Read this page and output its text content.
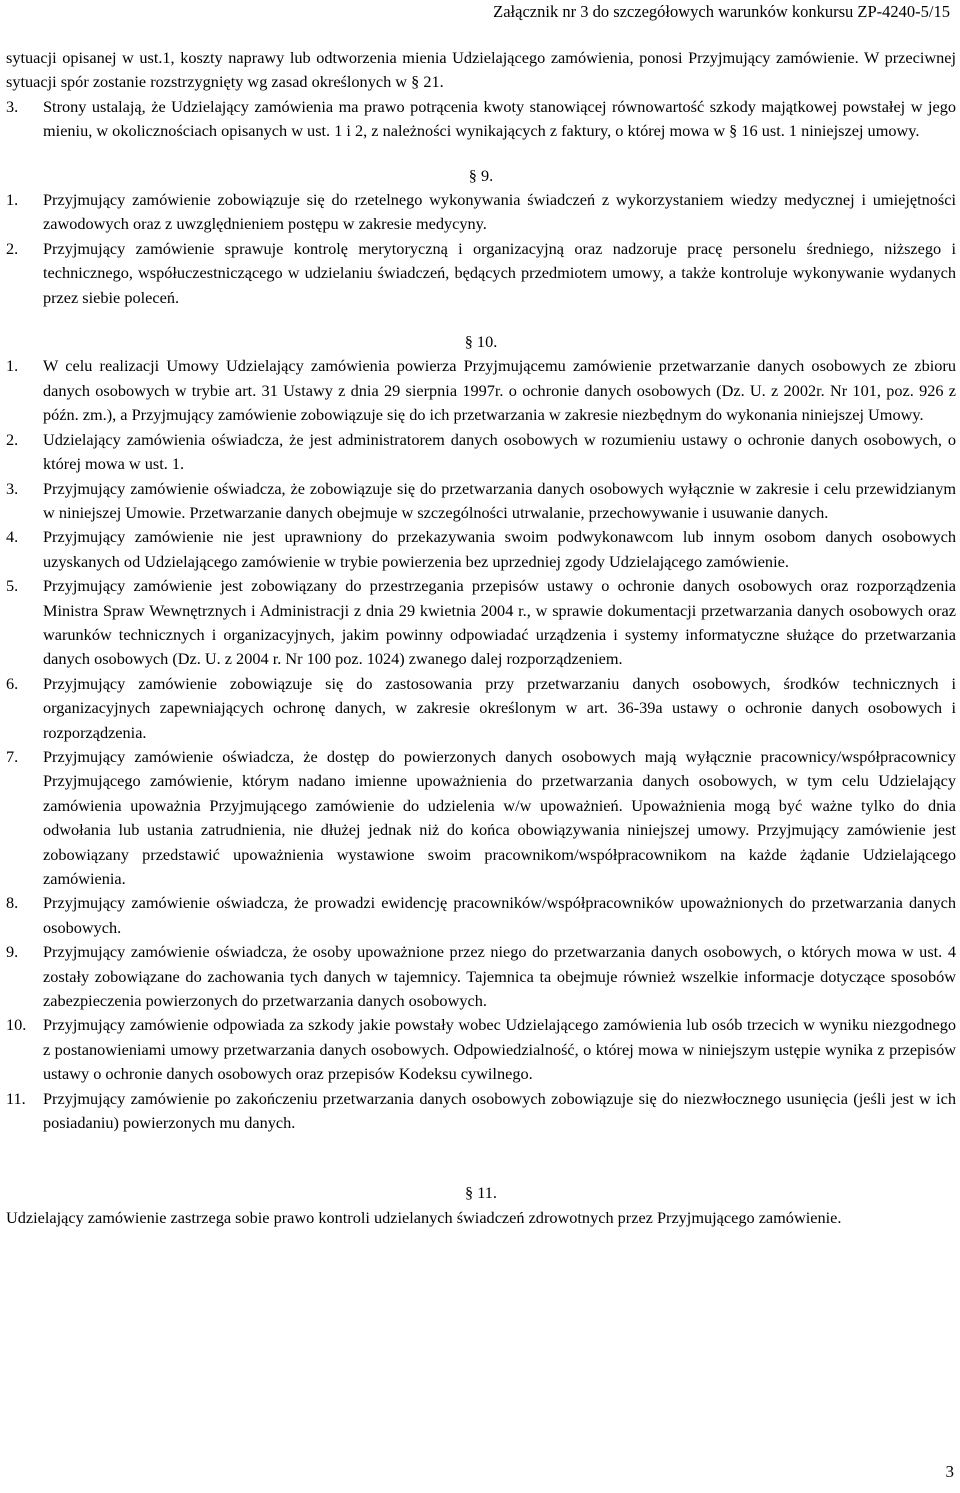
Załącznik nr 3 do szczegółowych warunków konkursu ZP-4240-5/15

sytuacji opisanej w ust.1, koszty naprawy lub odtworzenia mienia Udzielającego zamówienia, ponosi Przyjmujący zamówienie. W przeciwnej sytuacji spór zostanie rozstrzygnięty wg zasad określonych w § 21.

3. Strony ustalają, że Udzielający zamówienia ma prawo potrącenia kwoty stanowiącej równowartość szkody majątkowej powstałej w jego mieniu, w okolicznościach opisanych w ust. 1 i 2, z należności wynikających z faktury, o której mowa w § 16 ust. 1 niniejszej umowy.
§ 9.
1. Przyjmujący zamówienie zobowiązuje się do rzetelnego wykonywania świadczeń z wykorzystaniem wiedzy medycznej i umiejętności zawodowych oraz z uwzględnieniem postępu w zakresie medycyny.
2. Przyjmujący zamówienie sprawuje kontrolę merytoryczną i organizacyjną oraz nadzoruje pracę personelu średniego, niższego i technicznego, współuczestniczącego w udzielaniu świadczeń, będących przedmiotem umowy, a także kontroluje wykonywanie wydanych przez siebie poleceń.
§ 10.
1. W celu realizacji Umowy Udzielający zamówienia powierza Przyjmującemu zamówienie przetwarzanie danych osobowych ze zbioru danych osobowych w trybie art. 31 Ustawy z dnia 29 sierpnia 1997r. o ochronie danych osobowych (Dz. U. z 2002r. Nr 101, poz. 926 z późn. zm.), a Przyjmujący zamówienie zobowiązuje się do ich przetwarzania w zakresie niezbędnym do wykonania niniejszej Umowy.
2. Udzielający zamówienia oświadcza, że jest administratorem danych osobowych w rozumieniu ustawy o ochronie danych osobowych, o której mowa w ust. 1.
3. Przyjmujący zamówienie oświadcza, że zobowiązuje się do przetwarzania danych osobowych wyłącznie w zakresie i celu przewidzianym w niniejszej Umowie. Przetwarzanie danych obejmuje w szczególności utrwalanie, przechowywanie i usuwanie danych.
4. Przyjmujący zamówienie nie jest uprawniony do przekazywania swoim podwykonawcom lub innym osobom danych osobowych uzyskanych od Udzielającego zamówienie w trybie powierzenia bez uprzedniej zgody Udzielającego zamówienie.
5. Przyjmujący zamówienie jest zobowiązany do przestrzegania przepisów ustawy o ochronie danych osobowych oraz rozporządzenia Ministra Spraw Wewnętrznych i Administracji z dnia 29 kwietnia 2004 r., w sprawie dokumentacji przetwarzania danych osobowych oraz warunków technicznych i organizacyjnych, jakim powinny odpowiadać urządzenia i systemy informatyczne służące do przetwarzania danych osobowych (Dz. U. z 2004 r. Nr 100 poz. 1024) zwanego dalej rozporządzeniem.
6. Przyjmujący zamówienie zobowiązuje się do zastosowania przy przetwarzaniu danych osobowych, środków technicznych i organizacyjnych zapewniających ochronę danych, w zakresie określonym w art. 36-39a ustawy o ochronie danych osobowych i rozporządzenia.
7. Przyjmujący zamówienie oświadcza, że dostęp do powierzonych danych osobowych mają wyłącznie pracownicy/współpracownicy Przyjmującego zamówienie, którym nadano imienne upoważnienia do przetwarzania danych osobowych, w tym celu Udzielający zamówienia upoważnia Przyjmującego zamówienie do udzielenia w/w upoważnień. Upoważnienia mogą być ważne tylko do dnia odwołania lub ustania zatrudnienia, nie dłużej jednak niż do końca obowiązywania niniejszej umowy. Przyjmujący zamówienie jest zobowiązany przedstawić upoważnienia wystawione swoim pracownikom/współpracownikom na każde żądanie Udzielającego zamówienia.
8. Przyjmujący zamówienie oświadcza, że prowadzi ewidencję pracowników/współpracowników upoważnionych do przetwarzania danych osobowych.
9. Przyjmujący zamówienie oświadcza, że osoby upoważnione przez niego do przetwarzania danych osobowych, o których mowa w ust. 4 zostały zobowiązane do zachowania tych danych w tajemnicy. Tajemnica ta obejmuje również wszelkie informacje dotyczące sposobów zabezpieczenia powierzonych do przetwarzania danych osobowych.
10. Przyjmujący zamówienie odpowiada za szkody jakie powstały wobec Udzielającego zamówienia lub osób trzecich w wyniku niezgodnego z postanowieniami umowy przetwarzania danych osobowych. Odpowiedzialność, o której mowa w niniejszym ustępie wynika z przepisów ustawy o ochronie danych osobowych oraz przepisów Kodeksu cywilnego.
11. Przyjmujący zamówienie po zakończeniu przetwarzania danych osobowych zobowiązuje się do niezwłocznego usunięcia (jeśli jest w ich posiadaniu) powierzonych mu danych.
§ 11.

Udzielający zamówienie zastrzega sobie prawo kontroli udzielanych świadczeń zdrowotnych przez Przyjmującego zamówienie.

3
